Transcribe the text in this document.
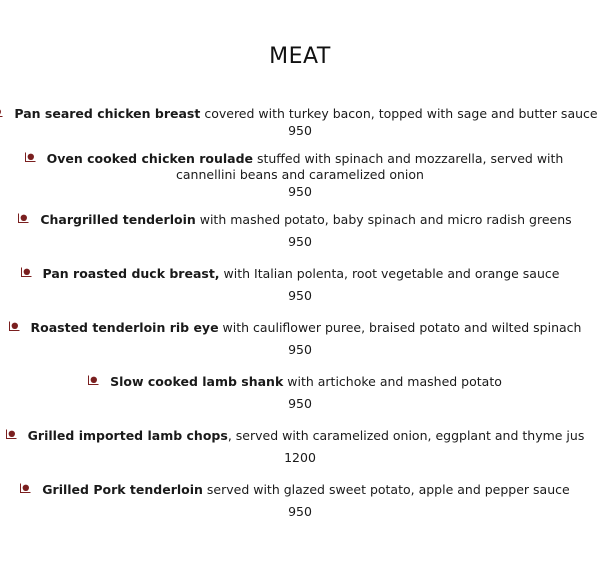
MEAT
Pan seared chicken breast covered with turkey bacon, topped with sage and butter sauce
950
Oven cooked chicken roulade stuffed with spinach and mozzarella, served with
cannellini beans and caramelized onion
950
Chargrilled tenderloin with mashed potato, baby spinach and micro radish greens
950
Pan roasted duck breast, with Italian polenta, root vegetable and orange sauce
950
Roasted tenderloin rib eye with cauliflower puree, braised potato and wilted spinach
950
Slow cooked lamb shank with artichoke and mashed potato
950
Grilled imported lamb chops, served with caramelized onion, eggplant and thyme jus
1200
Grilled Pork tenderloin served with glazed sweet potato, apple and pepper sauce
950
